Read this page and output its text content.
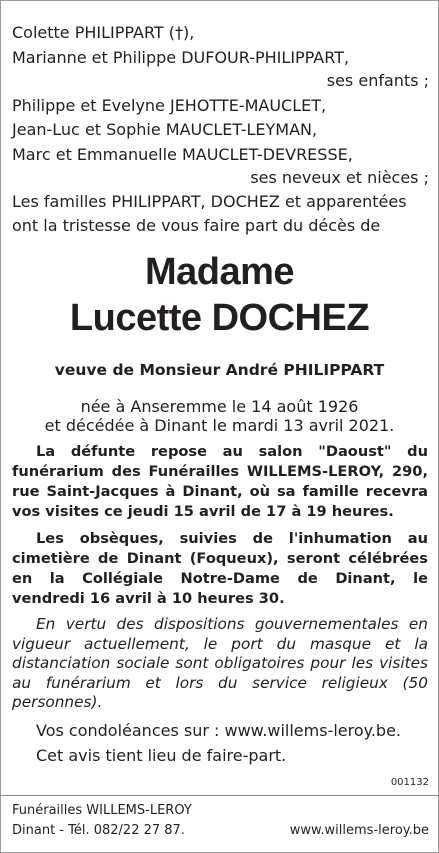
Colette PHILIPPART (†),
Marianne et Philippe DUFOUR-PHILIPPART,
ses enfants ;
Philippe et Evelyne JEHOTTE-MAUCLET,
Jean-Luc et Sophie MAUCLET-LEYMAN,
Marc et Emmanuelle MAUCLET-DEVRESSE,
ses neveux et nièces ;
Les familles PHILIPPART, DOCHEZ et apparentées
ont la tristesse de vous faire part du décès de
Madame
Lucette DOCHEZ
veuve de Monsieur André PHILIPPART
née à Anseremme le 14 août 1926
et décédée à Dinant le mardi 13 avril 2021.
La défunte repose au salon "Daoust" du funérarium des Funérailles WILLEMS-LEROY, 290, rue Saint-Jacques à Dinant, où sa famille recevra vos visites ce jeudi 15 avril de 17 à 19 heures.
Les obsèques, suivies de l'inhumation au cimetière de Dinant (Foqueux), seront célébrées en la Collégiale Notre-Dame de Dinant, le vendredi 16 avril à 10 heures 30.
En vertu des dispositions gouvernementales en vigueur actuellement, le port du masque et la distanciation sociale sont obligatoires pour les visites au funérarium et lors du service religieux (50 personnes).
Vos condoléances sur : www.willems-leroy.be.
Cet avis tient lieu de faire-part.
001132
Funérailles WILLEMS-LEROY
Dinant - Tél. 082/22 27 87.	www.willems-leroy.be
